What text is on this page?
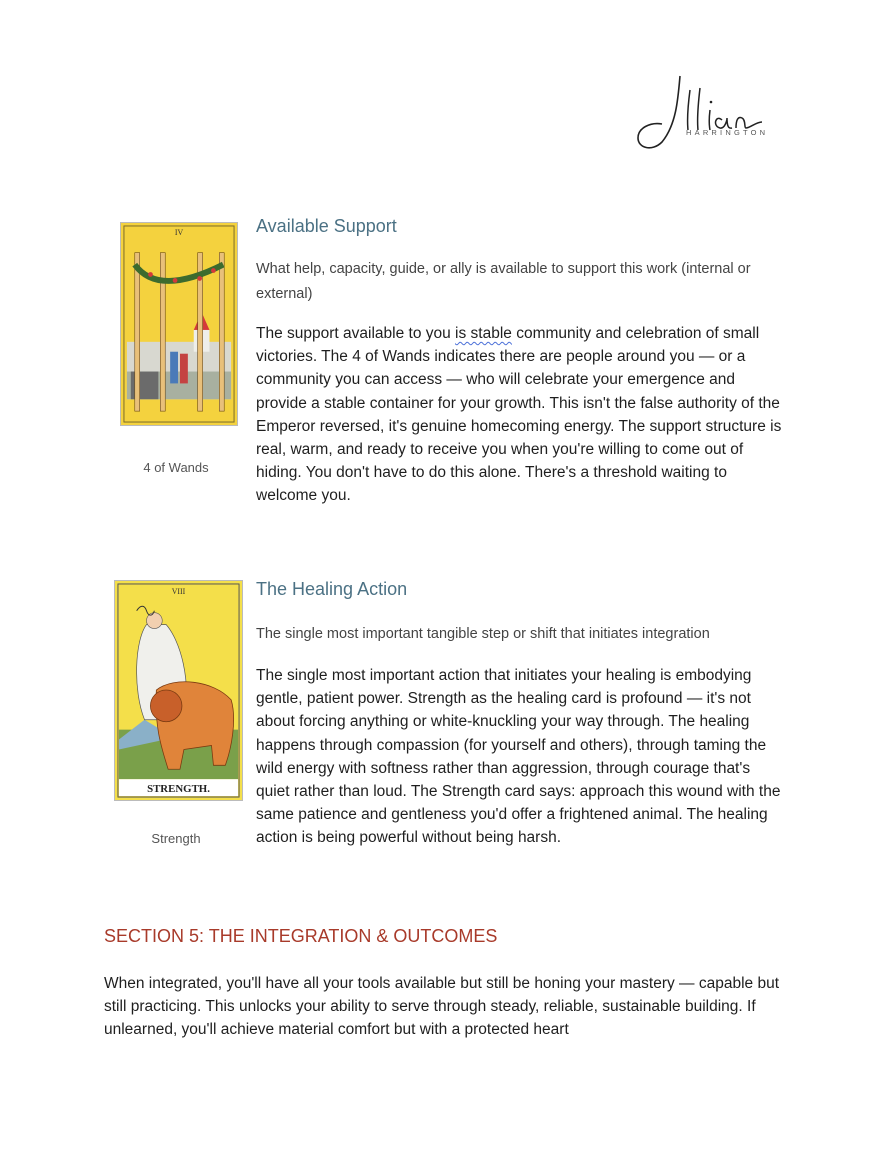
HARRINGTON
IV
4 of Wands
Available Support

What help, capacity, guide, or ally is available to support this work (internal or external)

The support available to you is stable community and celebration of small victories. The 4 of Wands indicates there are people around you — or a community you can access — who will celebrate your emergence and provide a stable container for your growth. This isn't the false authority of the Emperor reversed, it's genuine homecoming energy. The support structure is real, warm, and ready to receive you when you're willing to come out of hiding. You don't have to do this alone. There's a threshold waiting to welcome you.

STRENGTH.
VIII
Strength
The Healing Action

The single most important tangible step or shift that initiates integration

The single most important action that initiates your healing is embodying gentle, patient power. Strength as the healing card is profound — it's not about forcing anything or white-knuckling your way through. The healing happens through compassion (for yourself and others), through taming the wild energy with softness rather than aggression, through courage that's quiet rather than loud. The Strength card says: approach this wound with the same patience and gentleness you'd offer a frightened animal. The healing action is being powerful without being harsh.

SECTION 5: THE INTEGRATION & OUTCOMES

When integrated, you'll have all your tools available but still be honing your mastery — capable but still practicing. This unlocks your ability to serve through steady, reliable, sustainable building. If unlearned, you'll achieve material comfort but with a protected heart
